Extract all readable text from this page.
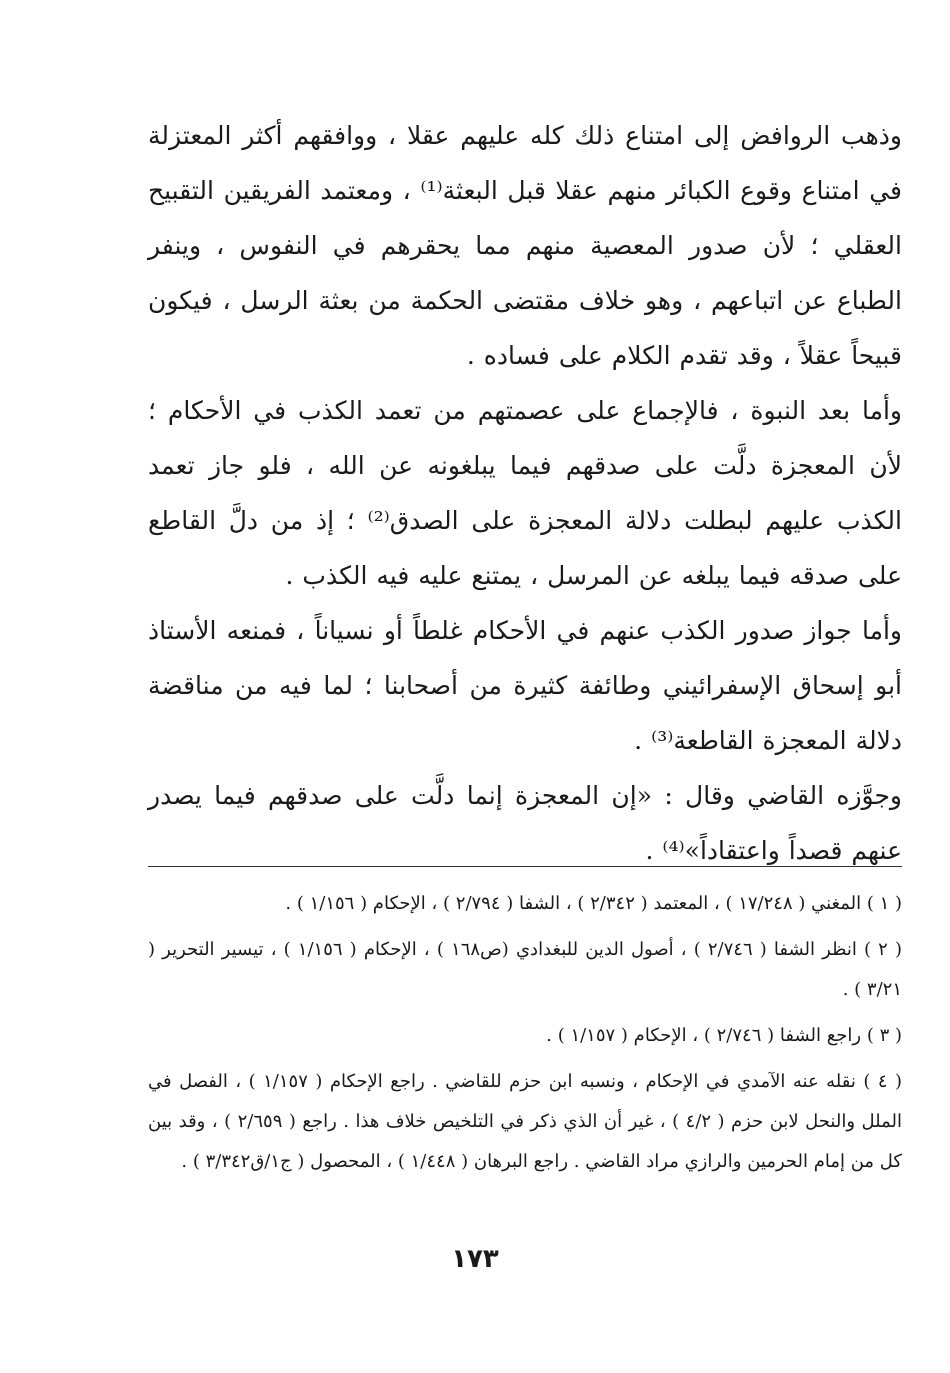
وذهب الروافض إلى امتناع ذلك كله عليهم عقلا ، ووافقهم أكثر المعتزلة في امتناع وقوع الكبائر منهم عقلا قبل البعثة⁽¹⁾ ، ومعتمد الفريقين التقبيح العقلي ؛ لأن صدور المعصية منهم مما يحقرهم في النفوس ، وينفر الطباع عن اتباعهم ، وهو خلاف مقتضى الحكمة من بعثة الرسل ، فيكون قبيحاً عقلاً ، وقد تقدم الكلام على فساده .

وأما بعد النبوة ، فالإجماع على عصمتهم من تعمد الكذب في الأحكام ؛ لأن المعجزة دلَّت على صدقهم فيما يبلغونه عن الله ، فلو جاز تعمد الكذب عليهم لبطلت دلالة المعجزة على الصدق⁽²⁾ ؛ إذ من دلَّ القاطع على صدقه فيما يبلغه عن المرسل ، يمتنع عليه فيه الكذب .

وأما جواز صدور الكذب عنهم في الأحكام غلطاً أو نسياناً ، فمنعه الأستاذ أبو إسحاق الإسفرائيني وطائفة كثيرة من أصحابنا ؛ لما فيه من مناقضة دلالة المعجزة القاطعة⁽³⁾ .

وجوَّزه القاضي وقال : «إن المعجزة إنما دلَّت على صدقهم فيما يصدر عنهم قصداً واعتقاداً»⁽⁴⁾ .

( ١ ) المغني ( ١٧/٢٤٨ ) ، المعتمد ( ٢/٣٤٢ ) ، الشفا ( ٢/٧٩٤ ) ، الإحكام ( ١/١٥٦ ) .

( ٢ ) انظر الشفا ( ٢/٧٤٦ ) ، أصول الدين للبغدادي (ص١٦٨ ) ، الإحكام ( ١/١٥٦ ) ، تيسير التحرير ( ٣/٢١ ) .

( ٣ ) راجع الشفا ( ٢/٧٤٦ ) ، الإحكام ( ١/١٥٧ ) .

( ٤ ) نقله عنه الآمدي في الإحكام ، ونسبه ابن حزم للقاضي . راجع الإحكام ( ١/١٥٧ ) ، الفصل في الملل والنحل لابن حزم ( ٤/٢ ) ، غير أن الذي ذكر في التلخيص خلاف هذا . راجع ( ٢/٦٥٩ ) ، وقد بين كل من إمام الحرمين والرازي مراد القاضي . راجع البرهان ( ١/٤٤٨ ) ، المحصول ( ج١/ق٣/٣٤٢ ) .

١٧٣
